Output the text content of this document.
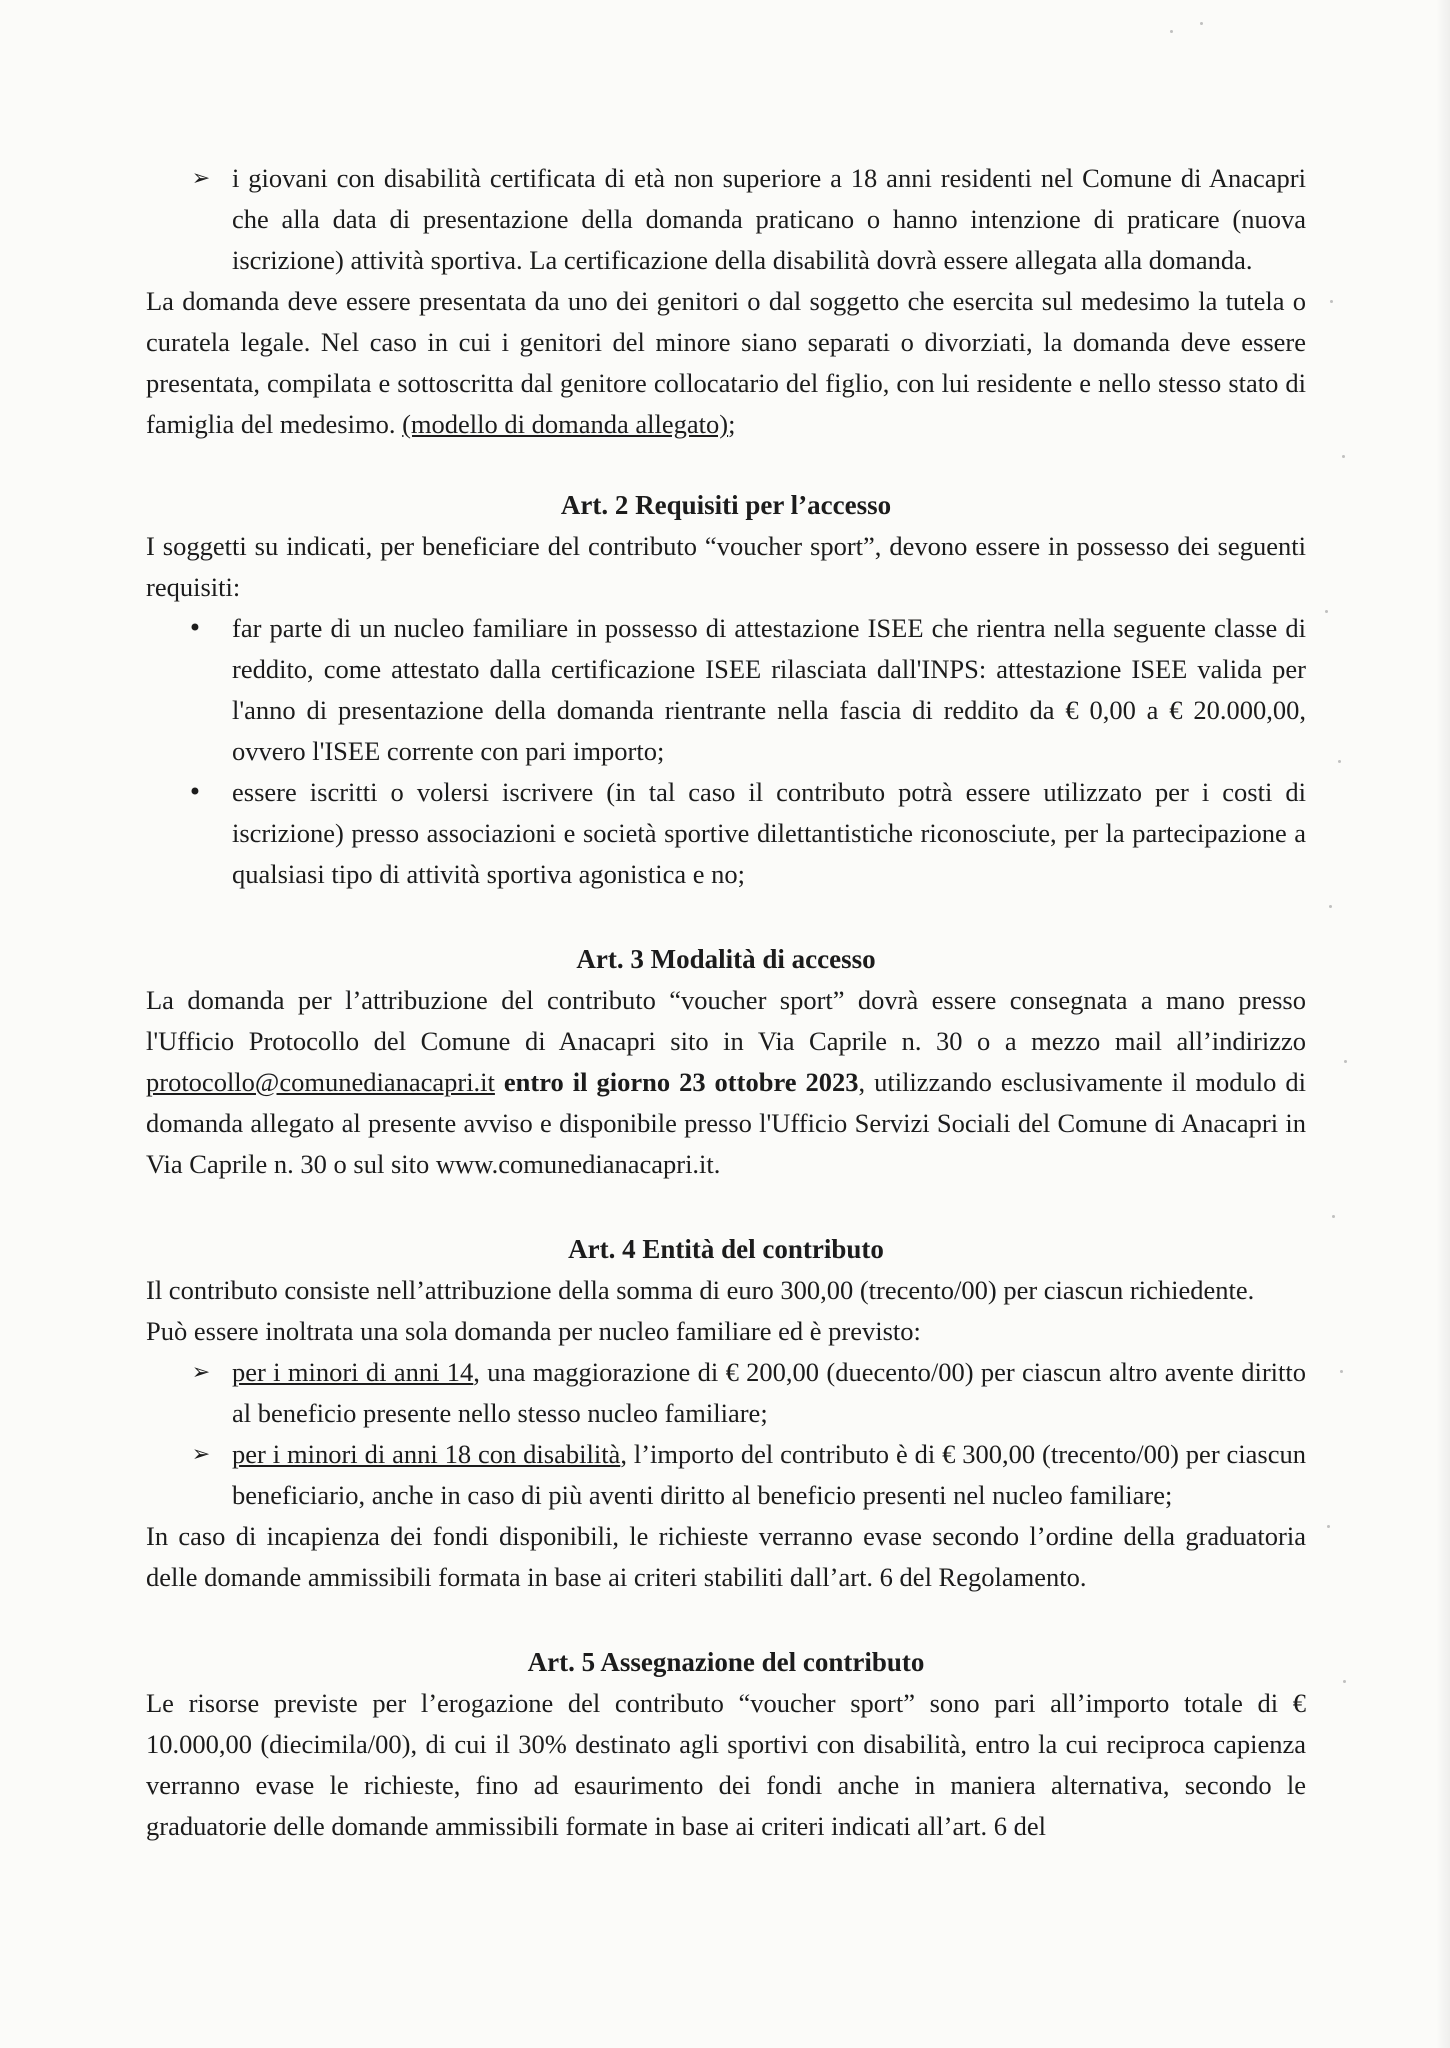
➢ i giovani con disabilità certificata di età non superiore a 18 anni residenti nel Comune di Anacapri che alla data di presentazione della domanda praticano o hanno intenzione di praticare (nuova iscrizione) attività sportiva. La certificazione della disabilità dovrà essere allegata alla domanda.

La domanda deve essere presentata da uno dei genitori o dal soggetto che esercita sul medesimo la tutela o curatela legale. Nel caso in cui i genitori del minore siano separati o divorziati, la domanda deve essere presentata, compilata e sottoscritta dal genitore collocatario del figlio, con lui residente e nello stesso stato di famiglia del medesimo. (modello di domanda allegato);

Art. 2 Requisiti per l’accesso

I soggetti su indicati, per beneficiare del contributo “voucher sport”, devono essere in possesso dei seguenti requisiti:

• far parte di un nucleo familiare in possesso di attestazione ISEE che rientra nella seguente classe di reddito, come attestato dalla certificazione ISEE rilasciata dall'INPS: attestazione ISEE valida per l'anno di presentazione della domanda rientrante nella fascia di reddito da € 0,00 a € 20.000,00, ovvero l'ISEE corrente con pari importo;
• essere iscritti o volersi iscrivere (in tal caso il contributo potrà essere utilizzato per i costi di iscrizione) presso associazioni e società sportive dilettantistiche riconosciute, per la partecipazione a qualsiasi tipo di attività sportiva agonistica e no;
Art. 3 Modalità di accesso

La domanda per l’attribuzione del contributo “voucher sport” dovrà essere consegnata a mano presso l'Ufficio Protocollo del Comune di Anacapri sito in Via Caprile n. 30 o a mezzo mail all’indirizzo protocollo@comunedianacapri.it entro il giorno 23 ottobre 2023, utilizzando esclusivamente il modulo di domanda allegato al presente avviso e disponibile presso l'Ufficio Servizi Sociali del Comune di Anacapri in Via Caprile n. 30 o sul sito www.comunedianacapri.it.

Art. 4 Entità del contributo

Il contributo consiste nell’attribuzione della somma di euro 300,00 (trecento/00) per ciascun richiedente.

Può essere inoltrata una sola domanda per nucleo familiare ed è previsto:

➢ per i minori di anni 14, una maggiorazione di € 200,00 (duecento/00) per ciascun altro avente diritto al beneficio presente nello stesso nucleo familiare;
➢ per i minori di anni 18 con disabilità, l’importo del contributo è di € 300,00 (trecento/00) per ciascun beneficiario, anche in caso di più aventi diritto al beneficio presenti nel nucleo familiare;

In caso di incapienza dei fondi disponibili, le richieste verranno evase secondo l’ordine della graduatoria delle domande ammissibili formata in base ai criteri stabiliti dall’art. 6 del Regolamento.

Art. 5 Assegnazione del contributo

Le risorse previste per l’erogazione del contributo “voucher sport” sono pari all’importo totale di € 10.000,00 (diecimila/00), di cui il 30% destinato agli sportivi con disabilità, entro la cui reciproca capienza verranno evase le richieste, fino ad esaurimento dei fondi anche in maniera alternativa, secondo le graduatorie delle domande ammissibili formate in base ai criteri indicati all’art. 6 del
